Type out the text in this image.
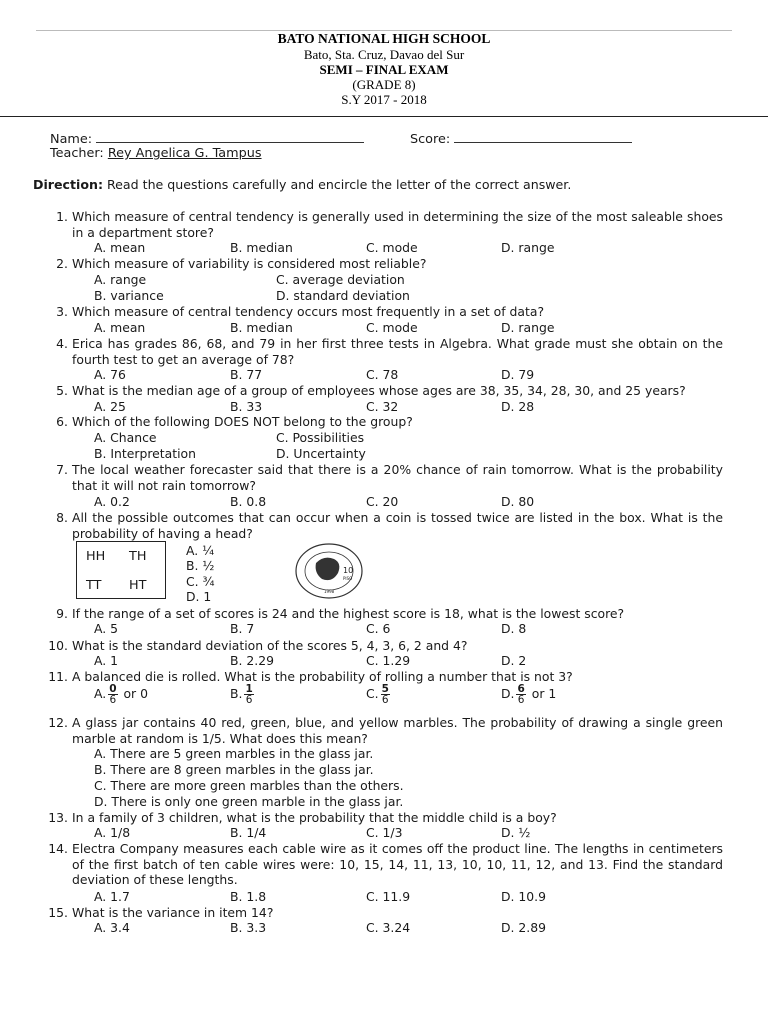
BATO NATIONAL HIGH SCHOOL
Bato, Sta. Cruz, Davao del Sur
SEMI – FINAL EXAM
(GRADE 8)
S.Y 2017 - 2018
Name:	Score:
Teacher: Rey Angelica G. Tampus
Direction: Read the questions carefully and encircle the letter of the correct answer.
1. Which measure of central tendency is generally used in determining the size of the most saleable shoes in a department store?
A. mean	B. median	C. mode	D. range
2. Which measure of variability is considered most reliable?
A. range	C. average deviation
B. variance	D. standard deviation
3. Which measure of central tendency occurs most frequently in a set of data?
A. mean	B. median	C. mode	D. range
4. Erica has grades 86, 68, and 79 in her first three tests in Algebra. What grade must she obtain on the fourth test to get an average of 78?
A. 76	B. 77	C. 78	D. 79
5. What is the median age of a group of employees whose ages are 38, 35, 34, 28, 30, and 25 years?
A. 25	B. 33	C. 32	D. 28
6. Which of the following DOES NOT belong to the group?
A. Chance	C. Possibilities
B. Interpretation	D. Uncertainty
7. The local weather forecaster said that there is a 20% chance of rain tomorrow. What is the probability that it will not rain tomorrow?
A. 0.2	B. 0.8	C. 20	D. 80
8. All the possible outcomes that can occur when a coin is tossed twice are listed in the box. What is the probability of having a head?
HH TH
TT HT
A. ¼
B. ½
C. ¾
D. 1
10
PISO
1998
9. If the range of a set of scores is 24 and the highest score is 18, what is the lowest score?
A. 5	B. 7	C. 6	D. 8
10. What is the standard deviation of the scores 5, 4, 3, 6, 2 and 4?
A. 1	B. 2.29	C. 1.29	D. 2
11. A balanced die is rolled. What is the probability of rolling a number that is not 3?
A. $\frac{0}{6}$ or 0	B. $\frac{1}{6}$	C. $\frac{5}{6}$	D. $\frac{6}{6}$ or 1
12. A glass jar contains 40 red, green, blue, and yellow marbles. The probability of drawing a single green marble at random is 1/5. What does this mean?
A. There are 5 green marbles in the glass jar.
B. There are 8 green marbles in the glass jar.
C. There are more green marbles than the others.
D. There is only one green marble in the glass jar.
13. In a family of 3 children, what is the probability that the middle child is a boy?
A. 1/8	B. 1/4	C. 1/3	D. ½
14. Electra Company measures each cable wire as it comes off the product line. The lengths in centimeters of the first batch of ten cable wires were: 10, 15, 14, 11, 13, 10, 10, 11, 12, and 13. Find the standard deviation of these lengths.
A. 1.7	B. 1.8	C. 11.9	D. 10.9
15. What is the variance in item 14?
A. 3.4	B. 3.3	C. 3.24	D. 2.89
